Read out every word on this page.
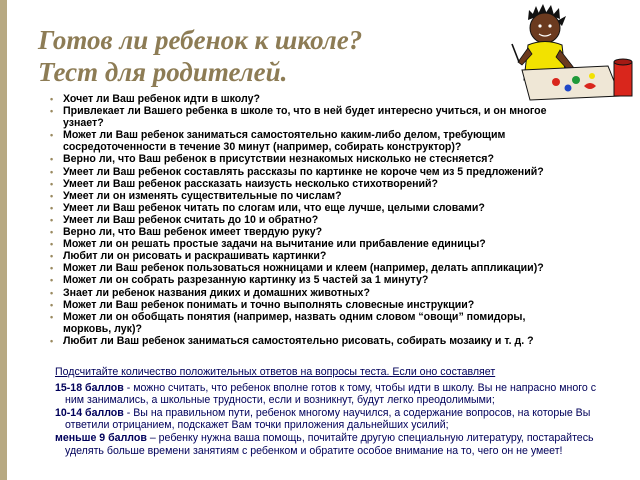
Готов ли ребенок к школе?
Тест для родителей.
• Хочет ли Ваш ребенок идти в школу?
• Привлекает ли Вашего ребенка в школе то, что в ней будет интересно учиться, и он многое узнает?
• Может ли Ваш ребенок заниматься самостоятельно каким-либо делом, требующим сосредоточенности в течение 30 минут (например, собирать конструктор)?
• Верно ли, что Ваш ребенок в присутствии незнакомых нисколько не стесняется?
• Умеет ли Ваш ребенок составлять рассказы по картинке не короче чем из 5 предложений?
• Умеет ли Ваш ребенок рассказать наизусть несколько стихотворений?
• Умеет ли он изменять существительные по числам?
• Умеет ли Ваш ребенок читать по слогам или, что еще лучше, целыми словами?
• Умеет ли Ваш ребенок считать до 10 и обратно?
• Верно ли, что Ваш ребенок имеет твердую руку?
• Может ли он решать простые задачи на вычитание или прибавление единицы?
• Любит ли он рисовать и раскрашивать картинки?
• Может ли Ваш ребенок пользоваться ножницами и клеем (например, делать аппликации)?
• Может ли он собрать разрезанную картинку из 5 частей за 1 минуту?
• Знает ли ребенок названия диких и домашних животных?
• Может ли Ваш ребенок понимать и точно выполнять словесные инструкции?
• Может ли он обобщать понятия (например, назвать одним словом “овощи” помидоры, морковь, лук)?
• Любит ли Ваш ребенок заниматься самостоятельно рисовать, собирать мозаику и т. д. ?

Подсчитайте количество положительных ответов на вопросы теста. Если оно составляет

15-18 баллов - можно считать, что ребенок вполне готов к тому, чтобы идти в школу. Вы не напрасно много с ним занимались, а школьные трудности, если и возникнут, будут легко преодолимыми;

10-14 баллов - Вы на правильном пути, ребенок многому научился, а содержание вопросов, на которые Вы ответили отрицанием, подскажет Вам точки приложения дальнейших усилий;

меньше 9 баллов – ребенку нужна ваша помощь, почитайте другую специальную литературу, постарайтесь уделять больше времени занятиям с ребенком и обратите особое внимание на то, чего он не умеет!
